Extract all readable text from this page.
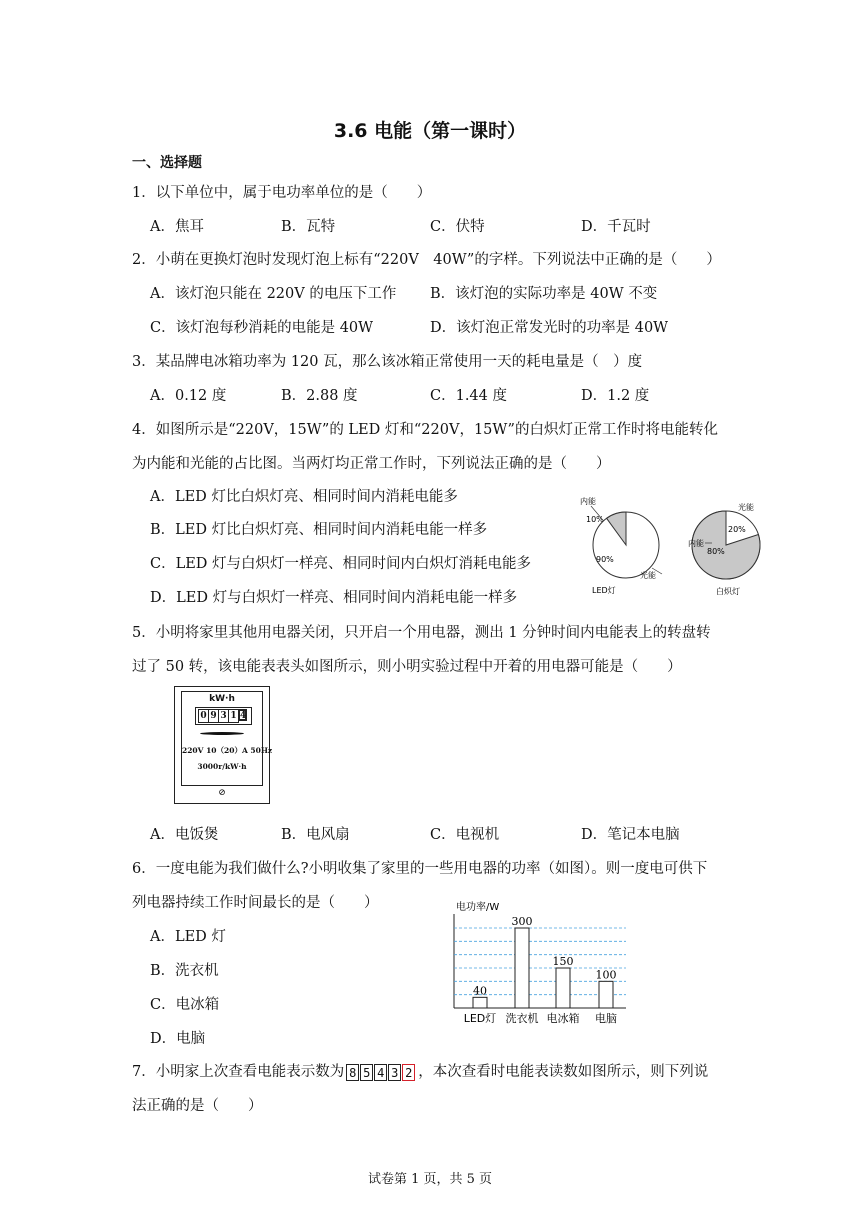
3.6 电能（第一课时）
一、选择题
1．以下单位中，属于电功率单位的是（　　）
A．焦耳	B．瓦特	C．伏特	D．千瓦时
2．小萌在更换灯泡时发现灯泡上标有“220V　40W”的字样。下列说法中正确的是（　　）
A．该灯泡只能在 220V 的电压下工作 B．该灯泡的实际功率是 40W 不变
C．该灯泡每秒消耗的电能是 40W	D．该灯泡正常发光时的功率是 40W
3．某品牌电冰箱功率为 120 瓦，那么该冰箱正常使用一天的耗电量是（　）度
A．0.12 度	B．2.88 度	C．1.44 度	D．1.2 度
4．如图所示是“220V，15W”的 LED 灯和“220V，15W”的白炽灯正常工作时将电能转化
为内能和光能的占比图。当两灯均正常工作时，下列说法正确的是（　　）
A．LED 灯比白炽灯亮、相同时间内消耗电能多
B．LED 灯比白炽灯亮、相同时间内消耗电能一样多
C．LED 灯与白炽灯一样亮、相同时间内白炽灯消耗电能多
D．LED 灯与白炽灯一样亮、相同时间内消耗电能一样多
内能
10%
90%
光能
LED灯
光能
20%
内能
80%
白炽灯
5．小明将家里其他用电器关闭，只开启一个用电器，测出 1 分钟时间内电能表上的转盘转
过了 50 转，该电能表表头如图所示，则小明实验过程中开着的用电器可能是（　　）
kW·h
0 9 3 1 4
220V 10（20）A 50Hz
3000r/kW·h
⊘
A．电饭煲	B．电风扇	C．电视机	D．笔记本电脑
6．一度电能为我们做什么?小明收集了家里的一些用电器的功率（如图）。则一度电可供下
列电器持续工作时间最长的是（　　）
A．LED 灯
B．洗衣机
C．电冰箱
D．电脑
电功率/W
40
LED灯
300
洗衣机
150
电冰箱
100
电脑
7．小明家上次查看电能表示数为 8 5 4 3 2 ，本次查看时电能表读数如图所示，则下列说
法正确的是（　　）
试卷第 1 页，共 5 页
